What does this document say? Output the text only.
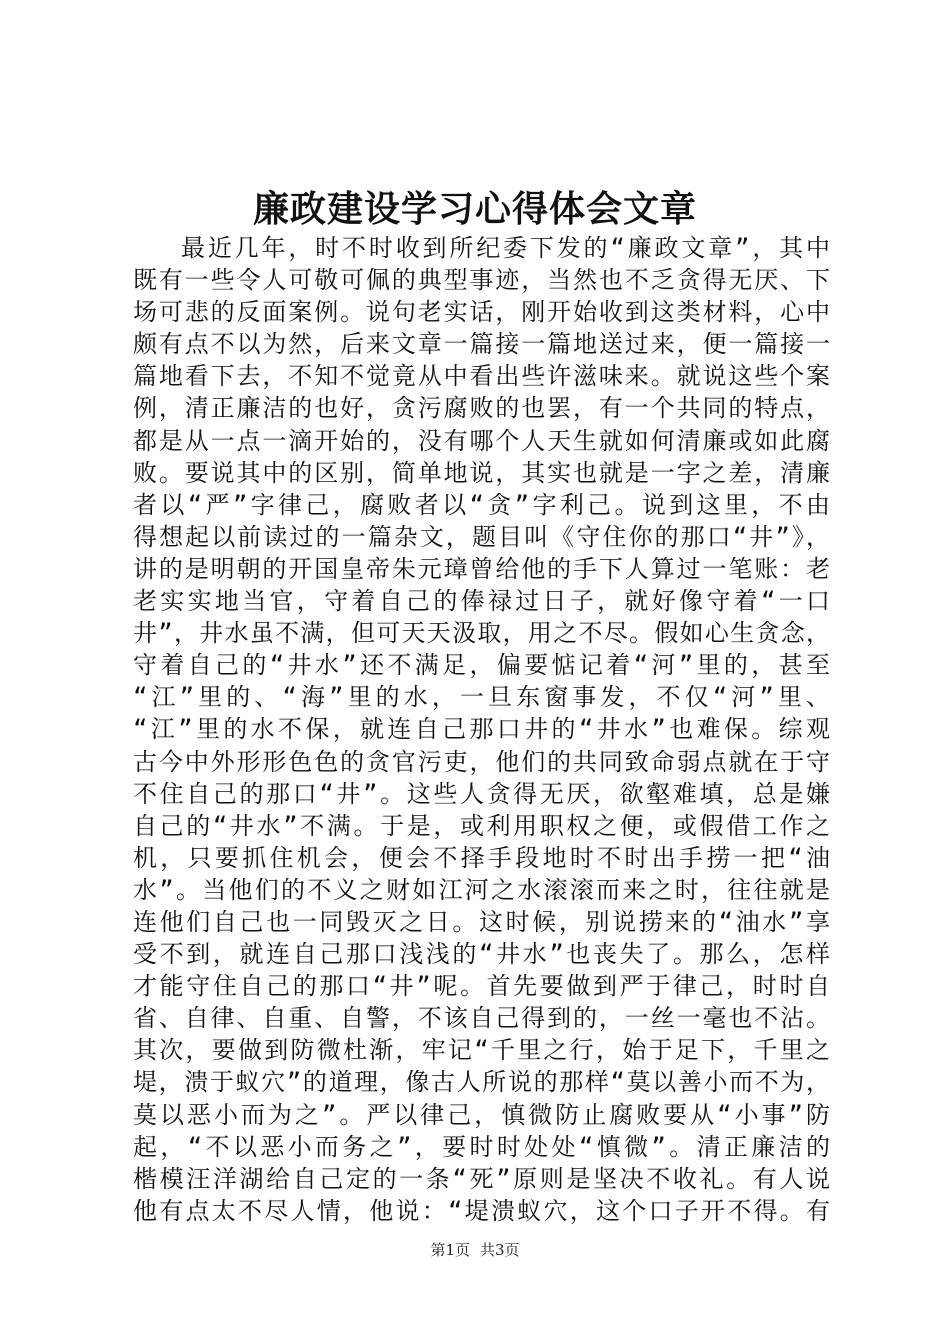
廉政建设学习心得体会文章
最近几年，时不时收到所纪委下发的“廉政文章”，其中
既有一些令人可敬可佩的典型事迹，当然也不乏贪得无厌、下
场可悲的反面案例。说句老实话，刚开始收到这类材料，心中
颇有点不以为然，后来文章一篇接一篇地送过来，便一篇接一
篇地看下去，不知不觉竟从中看出些许滋味来。就说这些个案
例，清正廉洁的也好，贪污腐败的也罢，有一个共同的特点，
都是从一点一滴开始的，没有哪个人天生就如何清廉或如此腐
败。要说其中的区别，简单地说，其实也就是一字之差，清廉
者以“严”字律己，腐败者以“贪”字利己。说到这里，不由
得想起以前读过的一篇杂文，题目叫《守住你的那口“井”》，
讲的是明朝的开国皇帝朱元璋曾给他的手下人算过一笔账：老
老实实地当官，守着自己的俸禄过日子，就好像守着“一口
井”，井水虽不满，但可天天汲取，用之不尽。假如心生贪念，
守着自己的“井水”还不满足，偏要惦记着“河”里的，甚至
“江”里的、“海”里的水，一旦东窗事发，不仅“河”里、
“江”里的水不保，就连自己那口井的“井水”也难保。综观
古今中外形形色色的贪官污吏，他们的共同致命弱点就在于守
不住自己的那口“井”。这些人贪得无厌，欲壑难填，总是嫌
自己的“井水”不满。于是，或利用职权之便，或假借工作之
机，只要抓住机会，便会不择手段地时不时出手捞一把“油
水”。当他们的不义之财如江河之水滚滚而来之时，往往就是
连他们自己也一同毁灭之日。这时候，别说捞来的“油水”享
受不到，就连自己那口浅浅的“井水”也丧失了。那么，怎样
才能守住自己的那口“井”呢。首先要做到严于律己，时时自
省、自律、自重、自警，不该自己得到的，一丝一毫也不沾。
其次，要做到防微杜渐，牢记“千里之行，始于足下，千里之
堤，溃于蚁穴”的道理，像古人所说的那样“莫以善小而不为，
莫以恶小而为之”。严以律己，慎微防止腐败要从“小事”防
起，“不以恶小而务之”，要时时处处“慎微”。清正廉洁的
楷模汪洋湖给自己定的一条“死”原则是坚决不收礼。有人说
他有点太不尽人情，他说：“堤溃蚁穴，这个口子开不得。有
第1页 共3页
